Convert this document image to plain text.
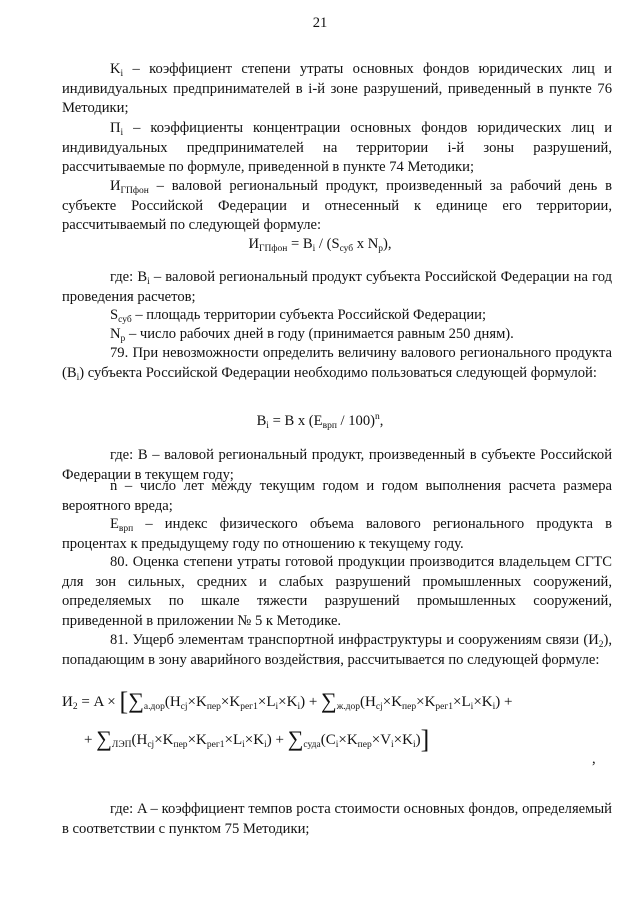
21
$K_i$ – коэффициент степени утраты основных фондов юридических лиц и индивидуальных предпринимателей в i-й зоне разрушений, приведенный в пункте 76 Методики;
$П_i$ – коэффициенты концентрации основных фондов юридических лиц и индивидуальных предпринимателей на территории i-й зоны разрушений, рассчитываемые по формуле, приведенной в пункте 74 Методики;
$И_{ГПфон}$ – валовой региональный продукт, произведенный за рабочий день в субъекте Российской Федерации и отнесенный к единице его территории, рассчитываемый по следующей формуле:
$И_{ГПфон} = B_i / (S_{суб}$ x $N_p$),
где: $B_i$ – валовой региональный продукт субъекта Российской Федерации на год проведения расчетов;
$S_{суб}$ – площадь территории субъекта Российской Федерации;
$N_p$ – число рабочих дней в году (принимается равным 250 дням).
79. При невозможности определить величину валового регионального продукта $(B_i)$ субъекта Российской Федерации необходимо пользоваться следующей формулой:
$B_i = B$ x $(E_{врп} / 100)^n$,
где: B – валовой региональный продукт, произведенный в субъекте Российской Федерации в текущем году;
n – число лет между текущим годом и годом выполнения расчета размера вероятного вреда;
$E_{врп}$ – индекс физического объема валового регионального продукта в процентах к предыдущему году по отношению к текущему году.
80. Оценка степени утраты готовой продукции производится владельцем СГТС для зон сильных, средних и слабых разрушений промышленных сооружений, определяемых по шкале тяжести разрушений промышленных сооружений, приведенной в приложении № 5 к Методике.
81. Ущерб элементам транспортной инфраструктуры и сооружениям связи $(И_2)$, попадающим в зону аварийного воздействия, рассчитывается по следующей формуле:
$И_2 = A \times [\sum_{а.дор}(H_{cj}\times K_{пер}\times K_{рег1}\times L_i\times K_i) + \sum_{ж.дор}(H_{cj}\times K_{пер}\times K_{рег1}\times L_i\times K_i)$ +
+ $\sum_{ЛЭП}(H_{cj}\times K_{пер}\times K_{рег1}\times L_i\times K_i) + \sum_{суда}(C_i\times K_{пер}\times V_i\times K_i)$]
,
где: A – коэффициент темпов роста стоимости основных фондов, определяемый в соответствии с пунктом 75 Методики;
